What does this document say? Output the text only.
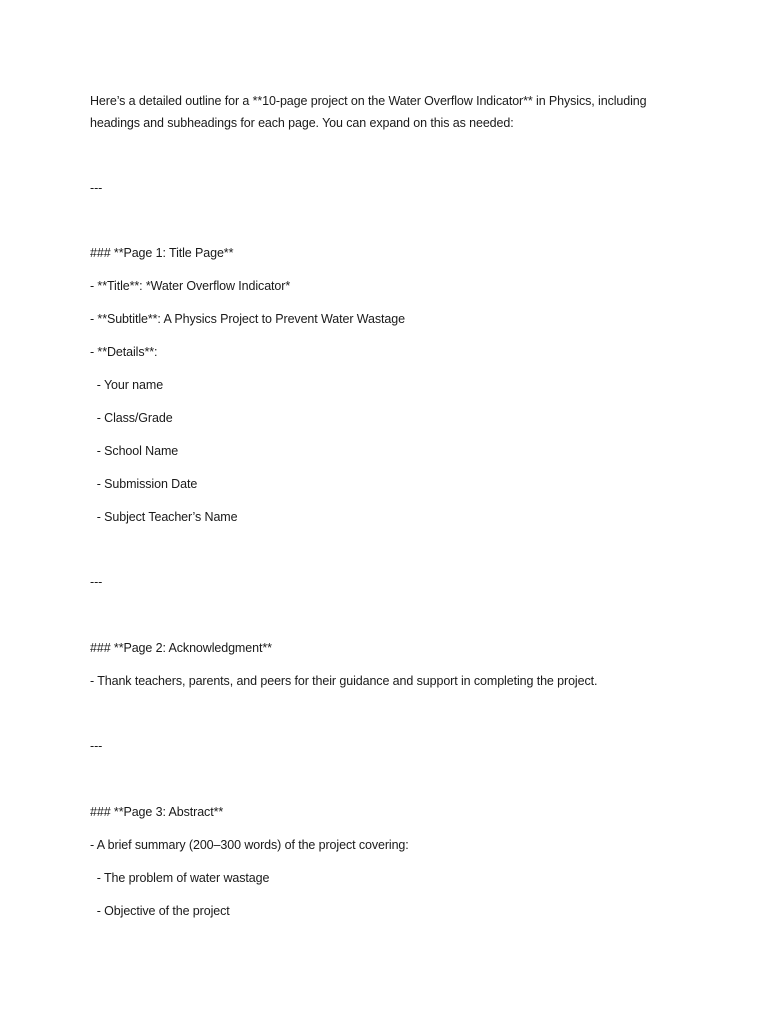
Here’s a detailed outline for a **10-page project on the Water Overflow Indicator** in Physics, including headings and subheadings for each page. You can expand on this as needed:
---
### **Page 1: Title Page**
- **Title**: *Water Overflow Indicator*
- **Subtitle**: A Physics Project to Prevent Water Wastage
- **Details**:
- Your name
- Class/Grade
- School Name
- Submission Date
- Subject Teacher’s Name
---
### **Page 2: Acknowledgment**
- Thank teachers, parents, and peers for their guidance and support in completing the project.
---
### **Page 3: Abstract**
- A brief summary (200–300 words) of the project covering:
- The problem of water wastage
- Objective of the project
